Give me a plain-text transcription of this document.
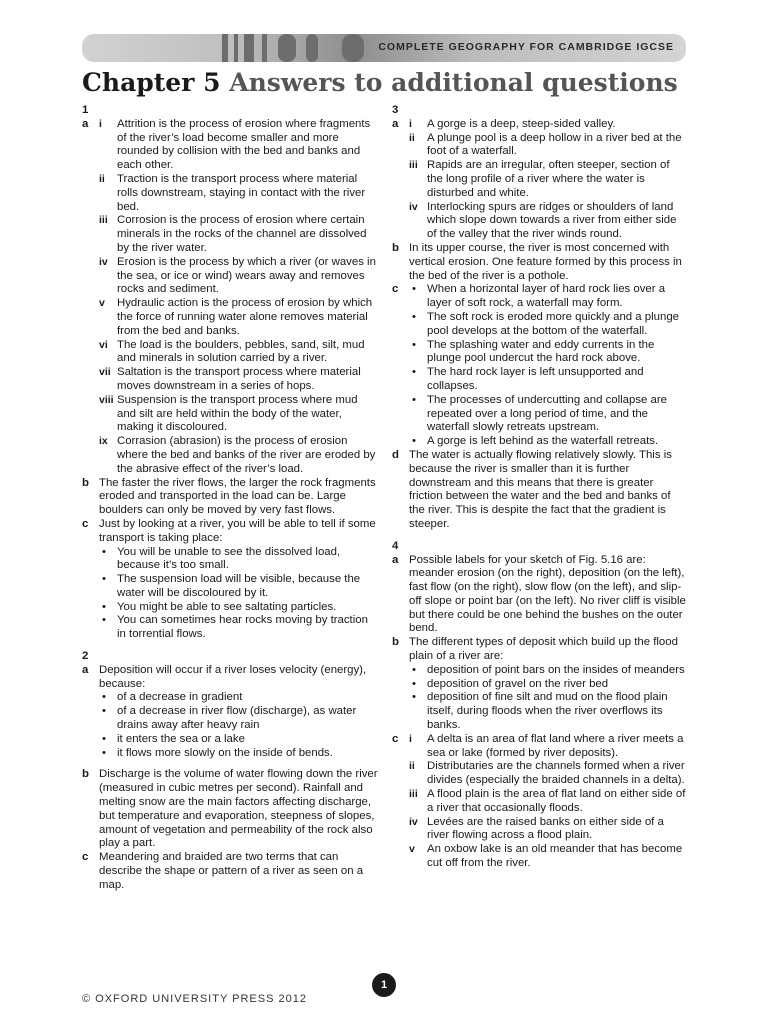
COMPLETE GEOGRAPHY FOR CAMBRIDGE IGCSE
Chapter 5 Answers to additional questions

1

a i Attrition is the process of erosion where fragments of the river’s load become smaller and more rounded by collision with the bed and banks and each other.
ii Traction is the transport process where material rolls downstream, staying in contact with the river bed.
iii Corrosion is the process of erosion where certain minerals in the rocks of the channel are dissolved by the river water.
iv Erosion is the process by which a river (or waves in the sea, or ice or wind) wears away and removes rocks and sediment.
v Hydraulic action is the process of erosion by which the force of running water alone removes material from the bed and banks.
vi The load is the boulders, pebbles, sand, silt, mud and minerals in solution carried by a river.
vii Saltation is the transport process where material moves downstream in a series of hops.
viii Suspension is the transport process where mud and silt are held within the body of the water, making it discoloured.
ix Corrasion (abrasion) is the process of erosion where the bed and banks of the river are eroded by the abrasive effect of the river’s load.
b The faster the river flows, the larger the rock fragments eroded and transported in the load can be. Large boulders can only be moved by very fast flows.
c Just by looking at a river, you will be able to tell if some transport is taking place:
• You will be unable to see the dissolved load, because it’s too small.
• The suspension load will be visible, because the water will be discoloured by it.
• You might be able to see saltating particles.
• You can sometimes hear rocks moving by traction in torrential flows.

2

a Deposition will occur if a river loses velocity (energy), because:
• of a decrease in gradient
• of a decrease in river flow (discharge), as water drains away after heavy rain
• it enters the sea or a lake
• it flows more slowly on the inside of bends.
b Discharge is the volume of water flowing down the river (measured in cubic metres per second). Rainfall and melting snow are the main factors affecting discharge, but temperature and evaporation, steepness of slopes, amount of vegetation and permeability of the rock also play a part.
c Meandering and braided are two terms that can describe the shape or pattern of a river as seen on a map.

3

a i A gorge is a deep, steep-sided valley.
ii A plunge pool is a deep hollow in a river bed at the foot of a waterfall.
iii Rapids are an irregular, often steeper, section of the long profile of a river where the water is disturbed and white.
iv Interlocking spurs are ridges or shoulders of land which slope down towards a river from either side of the valley that the river winds round.
b In its upper course, the river is most concerned with vertical erosion. One feature formed by this process in the bed of the river is a pothole.
c • When a horizontal layer of hard rock lies over a layer of soft rock, a waterfall may form.
• The soft rock is eroded more quickly and a plunge pool develops at the bottom of the waterfall.
• The splashing water and eddy currents in the plunge pool undercut the hard rock above.
• The hard rock layer is left unsupported and collapses.
• The processes of undercutting and collapse are repeated over a long period of time, and the waterfall slowly retreats upstream.
• A gorge is left behind as the waterfall retreats.
d The water is actually flowing relatively slowly. This is because the river is smaller than it is further downstream and this means that there is greater friction between the water and the bed and banks of the river. This is despite the fact that the gradient is steeper.

4

a Possible labels for your sketch of Fig. 5.16 are: meander erosion (on the right), deposition (on the left), fast flow (on the right), slow flow (on the left), and slip-off slope or point bar (on the left). No river cliff is visible but there could be one behind the bushes on the outer bend.
b The different types of deposit which build up the flood plain of a river are:
• deposition of point bars on the insides of meanders
• deposition of gravel on the river bed
• deposition of fine silt and mud on the flood plain itself, during floods when the river overflows its banks.
c i A delta is an area of flat land where a river meets a sea or lake (formed by river deposits).
ii Distributaries are the channels formed when a river divides (especially the braided channels in a delta).
iii A flood plain is the area of flat land on either side of a river that occasionally floods.
iv Levées are the raised banks on either side of a river flowing across a flood plain.
v An oxbow lake is an old meander that has become cut off from the river.
1
© OXFORD UNIVERSITY PRESS 2012
